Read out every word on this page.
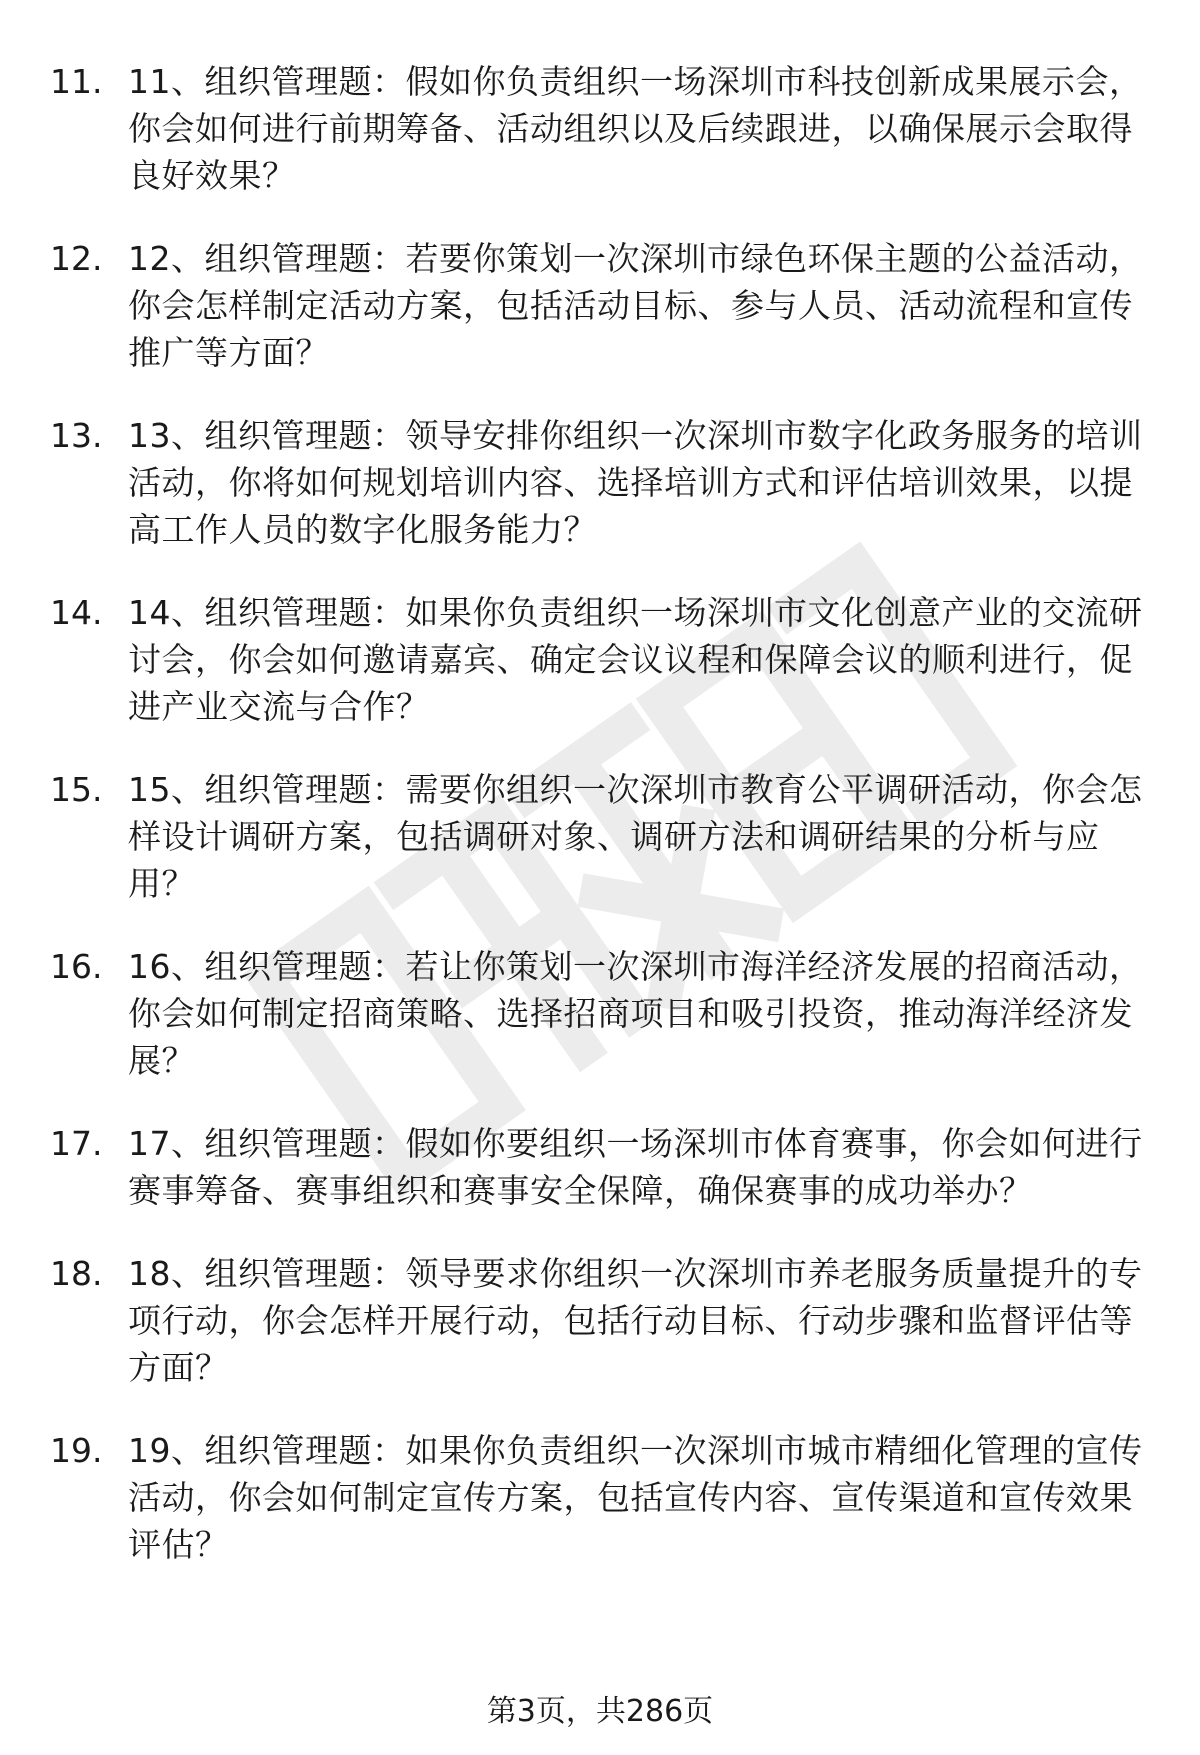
11. 11、组织管理题：假如你负责组织一场深圳市科技创新成果展示会，你会如何进行前期筹备、活动组织以及后续跟进，以确保展示会取得良好效果？
12. 12、组织管理题：若要你策划一次深圳市绿色环保主题的公益活动，你会怎样制定活动方案，包括活动目标、参与人员、活动流程和宣传推广等方面？
13. 13、组织管理题：领导安排你组织一次深圳市数字化政务服务的培训活动，你将如何规划培训内容、选择培训方式和评估培训效果，以提高工作人员的数字化服务能力？
14. 14、组织管理题：如果你负责组织一场深圳市文化创意产业的交流研讨会，你会如何邀请嘉宾、确定会议议程和保障会议的顺利进行，促进产业交流与合作？
15. 15、组织管理题：需要你组织一次深圳市教育公平调研活动，你会怎样设计调研方案，包括调研对象、调研方法和调研结果的分析与应用？
16. 16、组织管理题：若让你策划一次深圳市海洋经济发展的招商活动，你会如何制定招商策略、选择招商项目和吸引投资，推动海洋经济发展？
17. 17、组织管理题：假如你要组织一场深圳市体育赛事，你会如何进行赛事筹备、赛事组织和赛事安全保障，确保赛事的成功举办？
18. 18、组织管理题：领导要求你组织一次深圳市养老服务质量提升的专项行动，你会怎样开展行动，包括行动目标、行动步骤和监督评估等方面？
19. 19、组织管理题：如果你负责组织一次深圳市城市精细化管理的宣传活动，你会如何制定宣传方案，包括宣传内容、宣传渠道和宣传效果评估？
第3页，共286页
